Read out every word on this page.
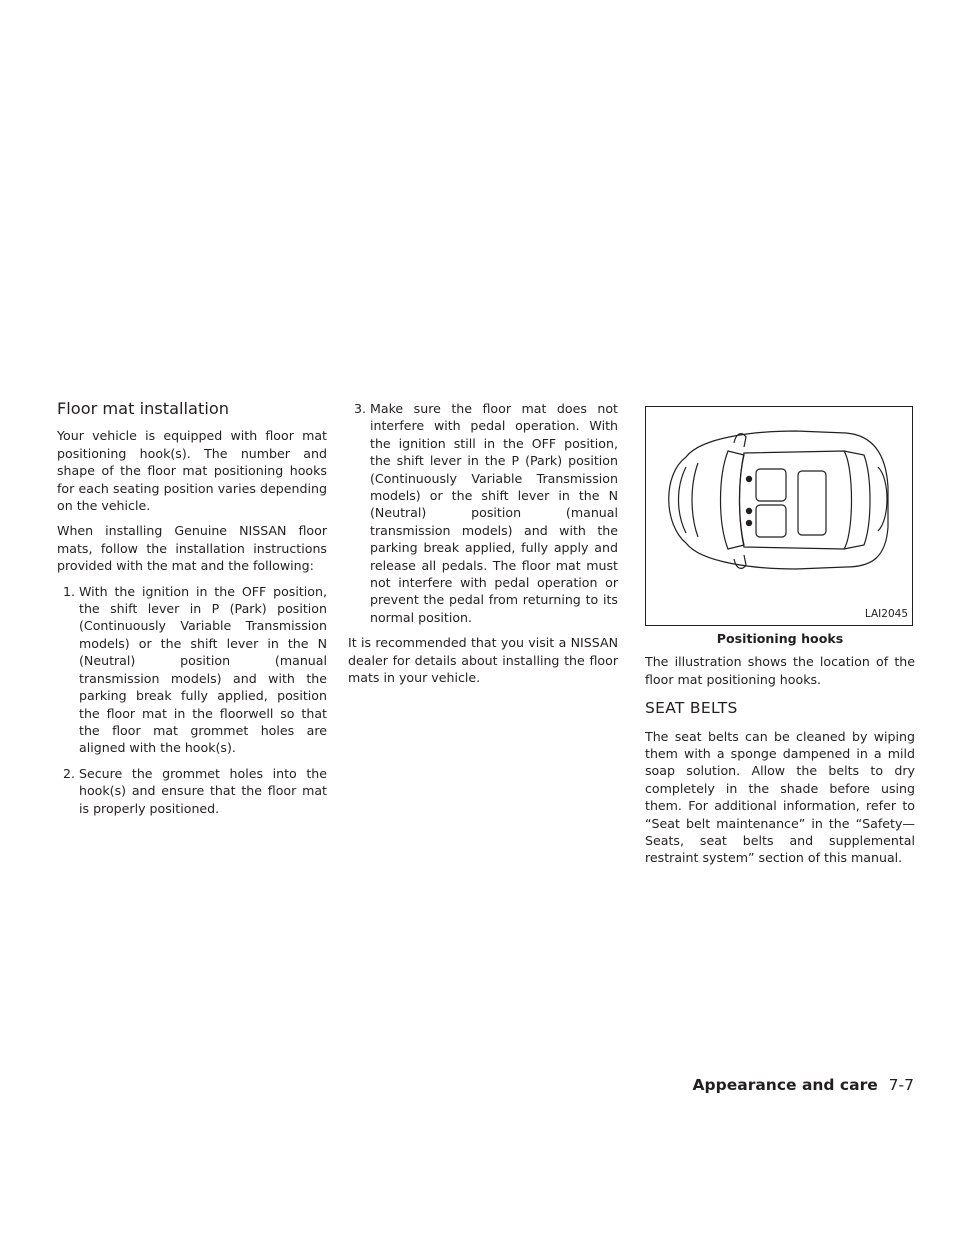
Floor mat installation

Your vehicle is equipped with floor mat positioning hook(s). The number and shape of the floor mat positioning hooks for each seating position varies depending on the vehicle.

When installing Genuine NISSAN floor mats, follow the installation instructions provided with the mat and the following:

1. With the ignition in the OFF position, the shift lever in P (Park) position (Continuously Variable Transmission models) or the shift lever in the N (Neutral) position (manual transmission models) and with the parking break fully applied, position the floor mat in the floorwell so that the floor mat grommet holes are aligned with the hook(s).
2. Secure the grommet holes into the hook(s) and ensure that the floor mat is properly positioned.
3. Make sure the floor mat does not interfere with pedal operation. With the ignition still in the OFF position, the shift lever in the P (Park) position (Continuously Variable Transmission models) or the shift lever in the N (Neutral) position (manual transmission models) and with the parking break applied, fully apply and release all pedals. The floor mat must not interfere with pedal operation or prevent the pedal from returning to its normal position.

It is recommended that you visit a NISSAN dealer for details about installing the floor mats in your vehicle.

LAI2045
Positioning hooks

The illustration shows the location of the floor mat positioning hooks.

SEAT BELTS

The seat belts can be cleaned by wiping them with a sponge dampened in a mild soap solution. Allow the belts to dry completely in the shade before using them. For additional information, refer to “Seat belt maintenance” in the “Safety—Seats, seat belts and supplemental restraint system” section of this manual.

Appearance and care 7-7
